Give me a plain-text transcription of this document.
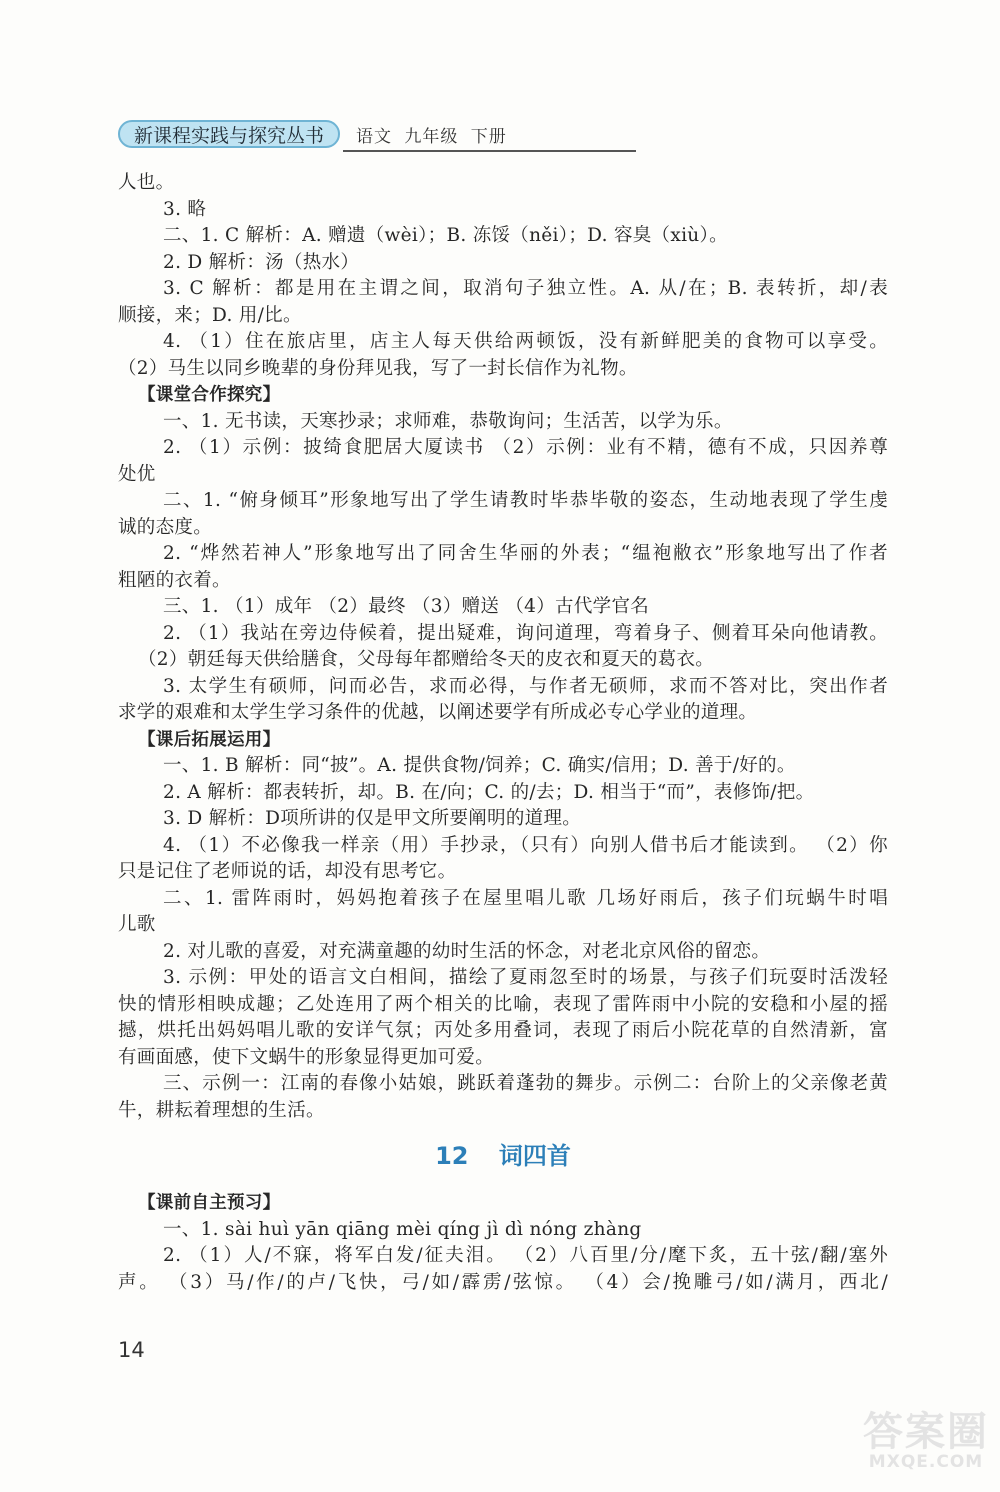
新课程实践与探究丛书	语文 九年级 下册
人也。
3. 略
二、1. C 解析：A. 赠遗（wèi）；B. 冻馁（něi）；D. 容臭（xiù）。
2. D 解析：汤（热水）
3. C 解析：都是用在主谓之间，取消句子独立性。A. 从/在；B. 表转折，却/表
顺接，来；D. 用/比。
4. （1）住在旅店里，店主人每天供给两顿饭，没有新鲜肥美的食物可以享受。
（2）马生以同乡晚辈的身份拜见我，写了一封长信作为礼物。
【课堂合作探究】
一、1. 无书读，天寒抄录；求师难，恭敬询问；生活苦，以学为乐。
2. （1）示例：披绮食肥居大厦读书 （2）示例：业有不精，德有不成，只因养尊
处优
二、1. “俯身倾耳”形象地写出了学生请教时毕恭毕敬的姿态，生动地表现了学生虔
诚的态度。
2. “烨然若神人”形象地写出了同舍生华丽的外表；“缊袍敝衣”形象地写出了作者
粗陋的衣着。
三、1. （1）成年 （2）最终 （3）赠送 （4）古代学官名
2. （1）我站在旁边侍候着，提出疑难，询问道理，弯着身子、侧着耳朵向他请教。
（2）朝廷每天供给膳食，父母每年都赠给冬天的皮衣和夏天的葛衣。
3. 太学生有硕师，问而必告，求而必得，与作者无硕师，求而不答对比，突出作者
求学的艰难和太学生学习条件的优越，以阐述要学有所成必专心学业的道理。
【课后拓展运用】
一、1. B 解析：同“披”。A. 提供食物/饲养；C. 确实/信用；D. 善于/好的。
2. A 解析：都表转折，却。B. 在/向；C. 的/去；D. 相当于“而”，表修饰/把。
3. D 解析：D项所讲的仅是甲文所要阐明的道理。
4. （1）不必像我一样亲（用）手抄录，（只有）向别人借书后才能读到。 （2）你
只是记住了老师说的话，却没有思考它。
二、1. 雷阵雨时，妈妈抱着孩子在屋里唱儿歌 几场好雨后，孩子们玩蜗牛时唱
儿歌
2. 对儿歌的喜爱，对充满童趣的幼时生活的怀念，对老北京风俗的留恋。
3. 示例：甲处的语言文白相间，描绘了夏雨忽至时的场景，与孩子们玩耍时活泼轻
快的情形相映成趣；乙处连用了两个相关的比喻，表现了雷阵雨中小院的安稳和小屋的摇
撼，烘托出妈妈唱儿歌的安详气氛；丙处多用叠词，表现了雨后小院花草的自然清新，富
有画面感，使下文蜗牛的形象显得更加可爱。
三、示例一：江南的春像小姑娘，跳跃着蓬勃的舞步。示例二：台阶上的父亲像老黄
牛，耕耘着理想的生活。
12 词四首
【课前自主预习】
一、1. sài huì yān qiāng mèi qíng jì dì nóng zhàng
2. （1）人/不寐，将军白发/征夫泪。 （2）八百里/分/麾下炙，五十弦/翻/塞外
声。 （3）马/作/的卢/飞快，弓/如/霹雳/弦惊。 （4）会/挽雕弓/如/满月，西北/
14
答案圈
MXQE.COM
